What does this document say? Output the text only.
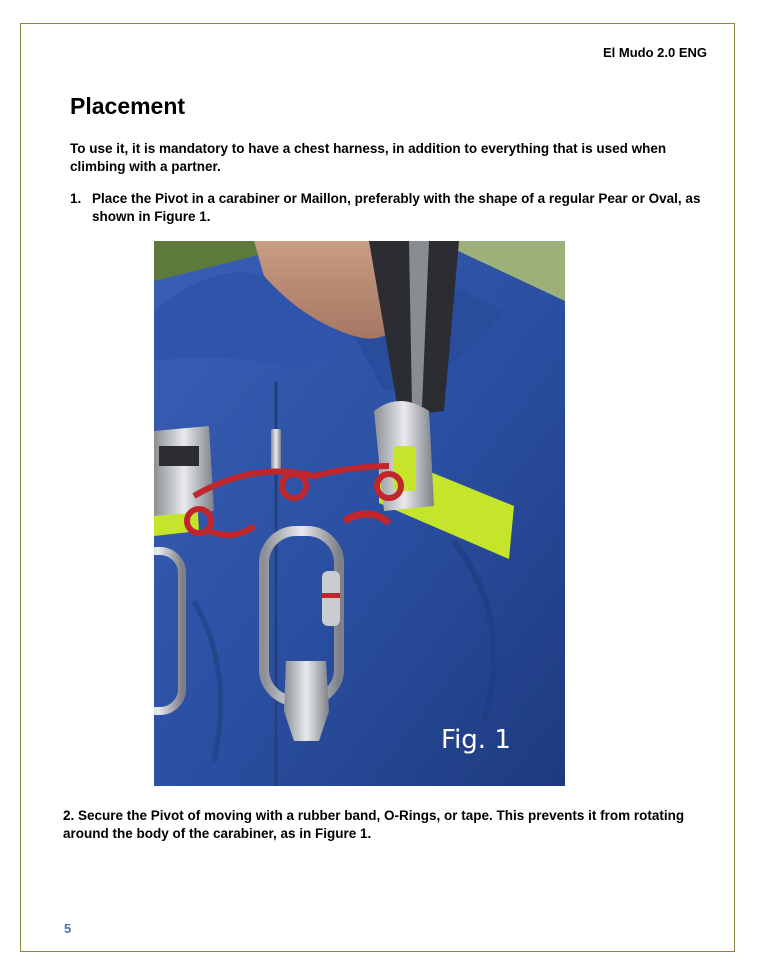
El Mudo 2.0 ENG
Placement

To use it, it is mandatory to have a chest harness, in addition to everything that is used when climbing with a partner.

1. Place the Pivot in a carabiner or Maillon, preferably with the shape of a regular Pear or Oval, as shown in Figure 1.
Fig. 1

2. Secure the Pivot of moving with a rubber band, O-Rings, or tape. This prevents it from rotating around the body of the carabiner, as in Figure 1.

5
